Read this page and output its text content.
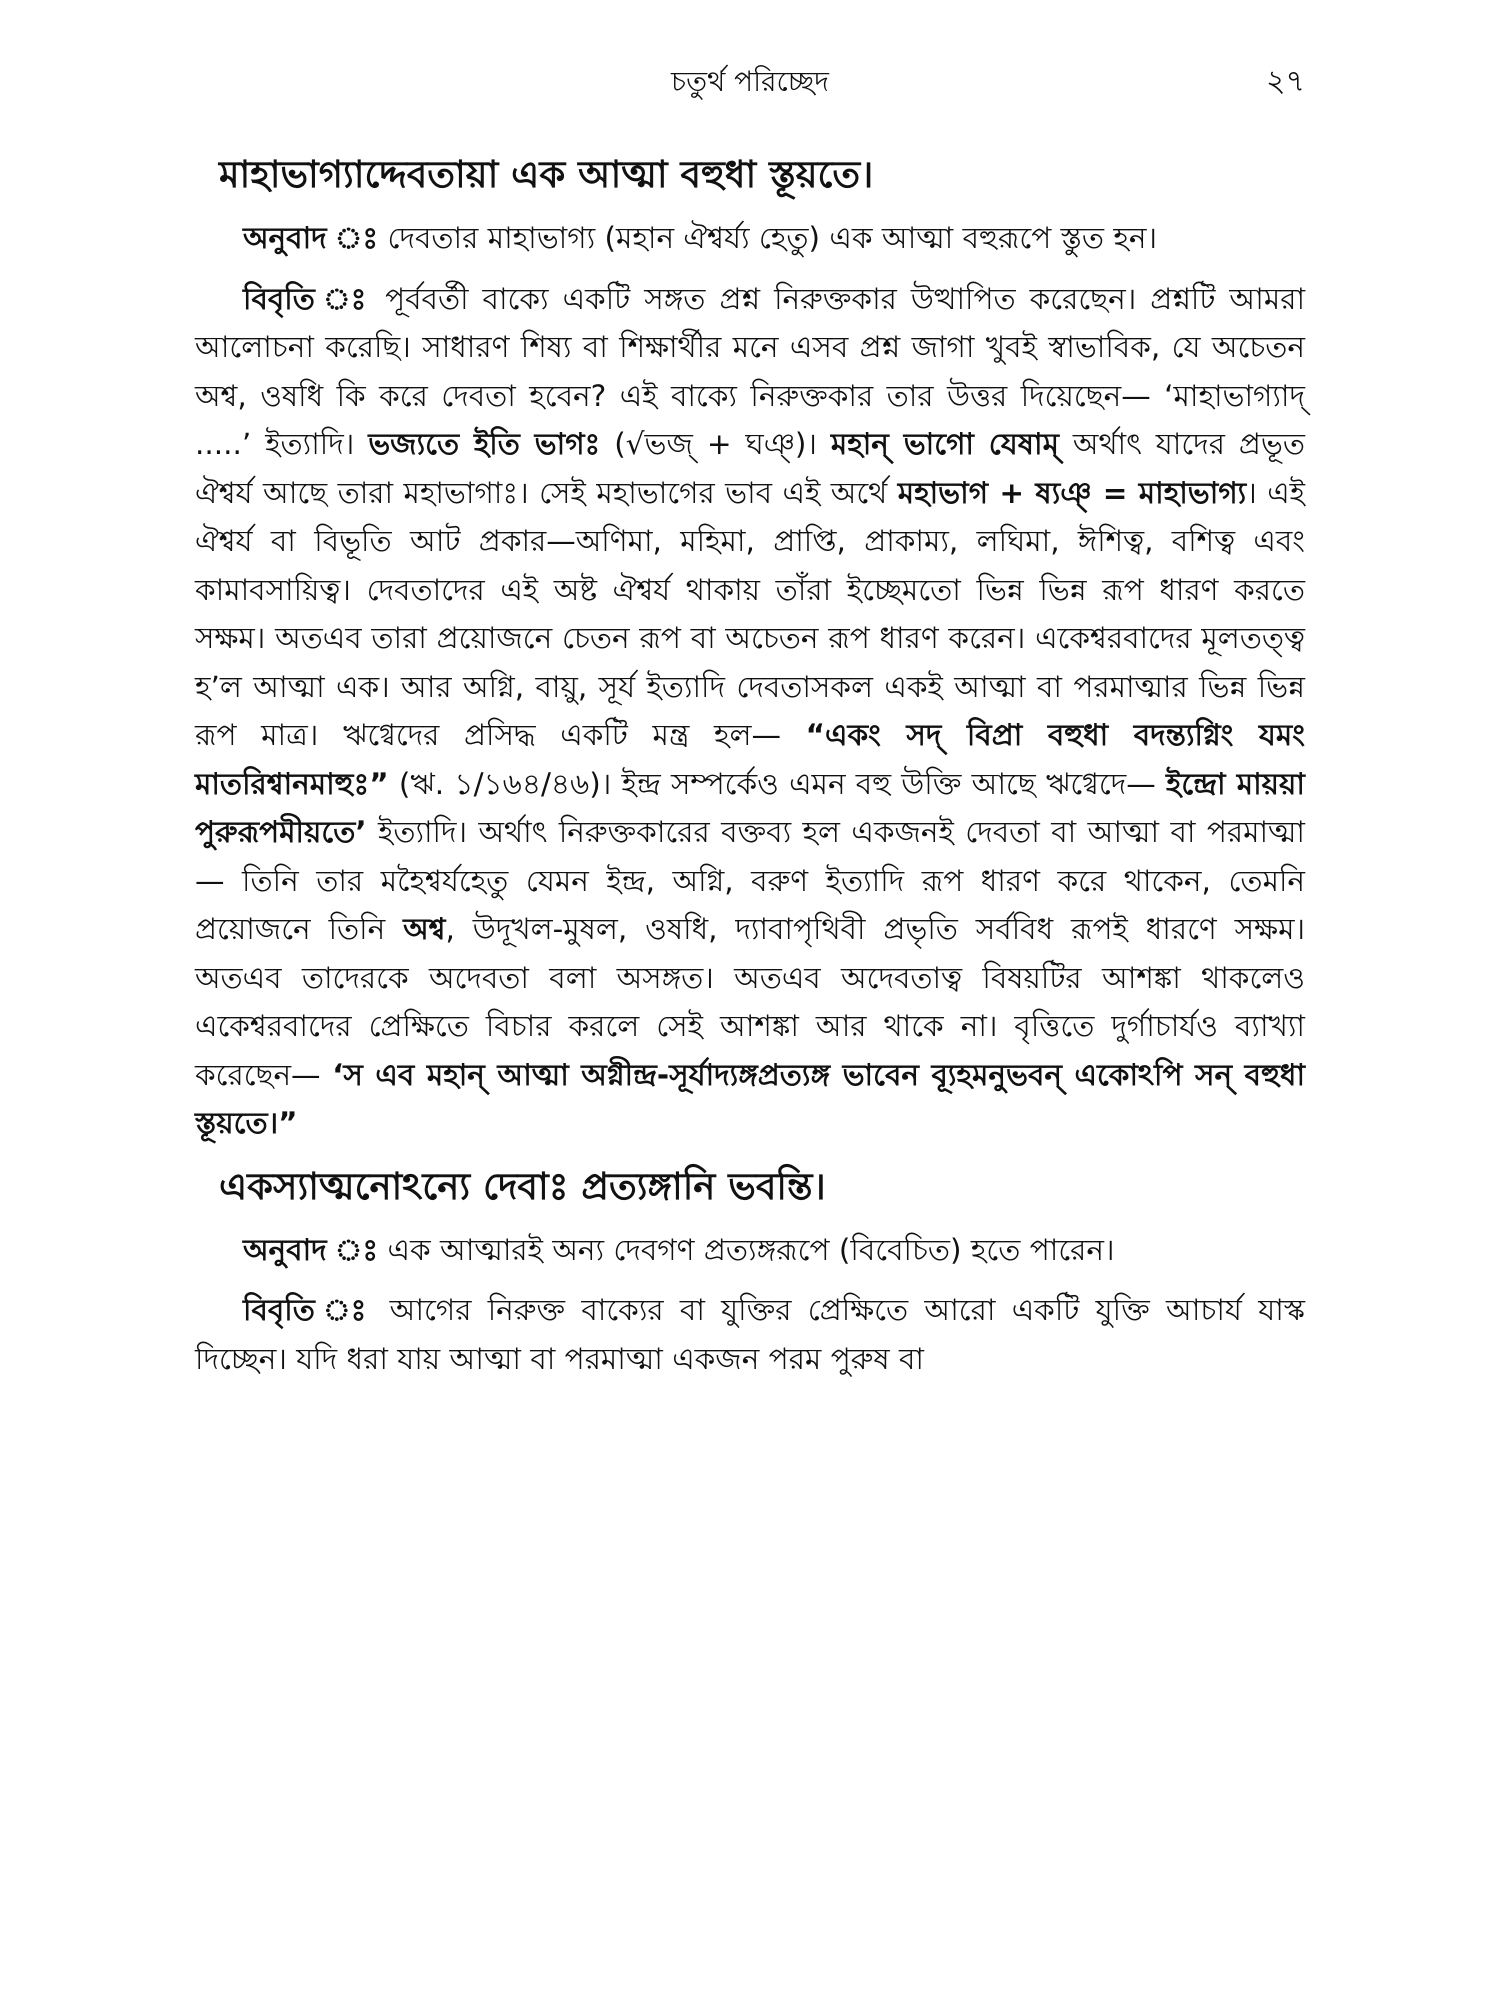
চতুর্থ পরিচ্ছেদ	২৭
মাহাভাগ্যাদ্দেবতায়া এক আত্মা বহুধা স্তূয়তে।
অনুবাদ ঃ দেবতার মাহাভাগ্য (মহান ঐশ্বর্য্য হেতু) এক আত্মা বহুরূপে স্তুত হন।
বিবৃতি ঃ পূর্ববর্তী বাক্যে একটি সঙ্গত প্রশ্ন নিরুক্তকার উত্থাপিত করেছেন। প্রশ্নটি আমরা আলোচনা করেছি। সাধারণ শিষ্য বা শিক্ষার্থীর মনে এসব প্রশ্ন জাগা খুবই স্বাভাবিক, যে অচেতন অশ্ব, ওষধি কি করে দেবতা হবেন? এই বাক্যে নিরুক্তকার তার উত্তর দিয়েছেন— ‘মাহাভাগ্যাদ্ .....’ ইত্যাদি। ভজ্যতে ইতি ভাগঃ (√ভজ্ + ঘঞ্)। মহান্ ভাগো যেষাম্ অর্থাৎ যাদের প্রভূত ঐশ্বর্য আছে তারা মহাভাগাঃ। সেই মহাভাগের ভাব এই অর্থে মহাভাগ + ষ্যঞ্ = মাহাভাগ্য। এই ঐশ্বর্য বা বিভূতি আট প্রকার—অণিমা, মহিমা, প্রাপ্তি, প্রাকাম্য, লঘিমা, ঈশিত্ব, বশিত্ব এবং কামাবসায়িত্ব। দেবতাদের এই অষ্ট ঐশ্বর্য থাকায় তাঁরা ইচ্ছেমতো ভিন্ন ভিন্ন রূপ ধারণ করতে সক্ষম। অতএব তারা প্রয়োজনে চেতন রূপ বা অচেতন রূপ ধারণ করেন। একেশ্বরবাদের মূলতত্ত্ব হ’ল আত্মা এক। আর অগ্নি, বায়ু, সূর্য ইত্যাদি দেবতাসকল একই আত্মা বা পরমাত্মার ভিন্ন ভিন্ন রূপ মাত্র। ঋগ্বেদের প্রসিদ্ধ একটি মন্ত্র হল— “একং সদ্ বিপ্রা বহুধা বদন্ত্যগ্নিং যমং মাতরিশ্বানমাহুঃ” (ঋ. ১/১৬৪/৪৬)। ইন্দ্র সম্পর্কেও এমন বহু উক্তি আছে ঋগ্বেদে— ইন্দ্রো মায়য়া পুরুরূপমীয়তে’ ইত্যাদি। অর্থাৎ নিরুক্তকারের বক্তব্য হল একজনই দেবতা বা আত্মা বা পরমাত্মা— তিনি তার মহৈশ্বর্যহেতু যেমন ইন্দ্র, অগ্নি, বরুণ ইত্যাদি রূপ ধারণ করে থাকেন, তেমনি প্রয়োজনে তিনি অশ্ব, উদূখল-মুষল, ওষধি, দ্যাবাপৃথিবী প্রভৃতি সর্ববিধ রূপই ধারণে সক্ষম। অতএব তাদেরকে অদেবতা বলা অসঙ্গত। অতএব অদেবতাত্ব বিষয়টির আশঙ্কা থাকলেও একেশ্বরবাদের প্রেক্ষিতে বিচার করলে সেই আশঙ্কা আর থাকে না। বৃত্তিতে দুর্গাচার্যও ব্যাখ্যা করেছেন— ‘স এব মহান্ আত্মা অগ্নীন্দ্র-সূর্যাদ্যঙ্গপ্রত্যঙ্গ ভাবেন ব্যূহমনুভবন্ একোঽপি সন্ বহুধা স্তূয়তে।”
একস্যাত্মনোঽন্যে দেবাঃ প্রত্যঙ্গানি ভবন্তি।
অনুবাদ ঃ এক আত্মারই অন্য দেবগণ প্রত্যঙ্গরূপে (বিবেচিত) হতে পারেন।
বিবৃতি ঃ আগের নিরুক্ত বাক্যের বা যুক্তির প্রেক্ষিতে আরো একটি যুক্তি আচার্য যাস্ক দিচ্ছেন। যদি ধরা যায় আত্মা বা পরমাত্মা একজন পরম পুরুষ বা
